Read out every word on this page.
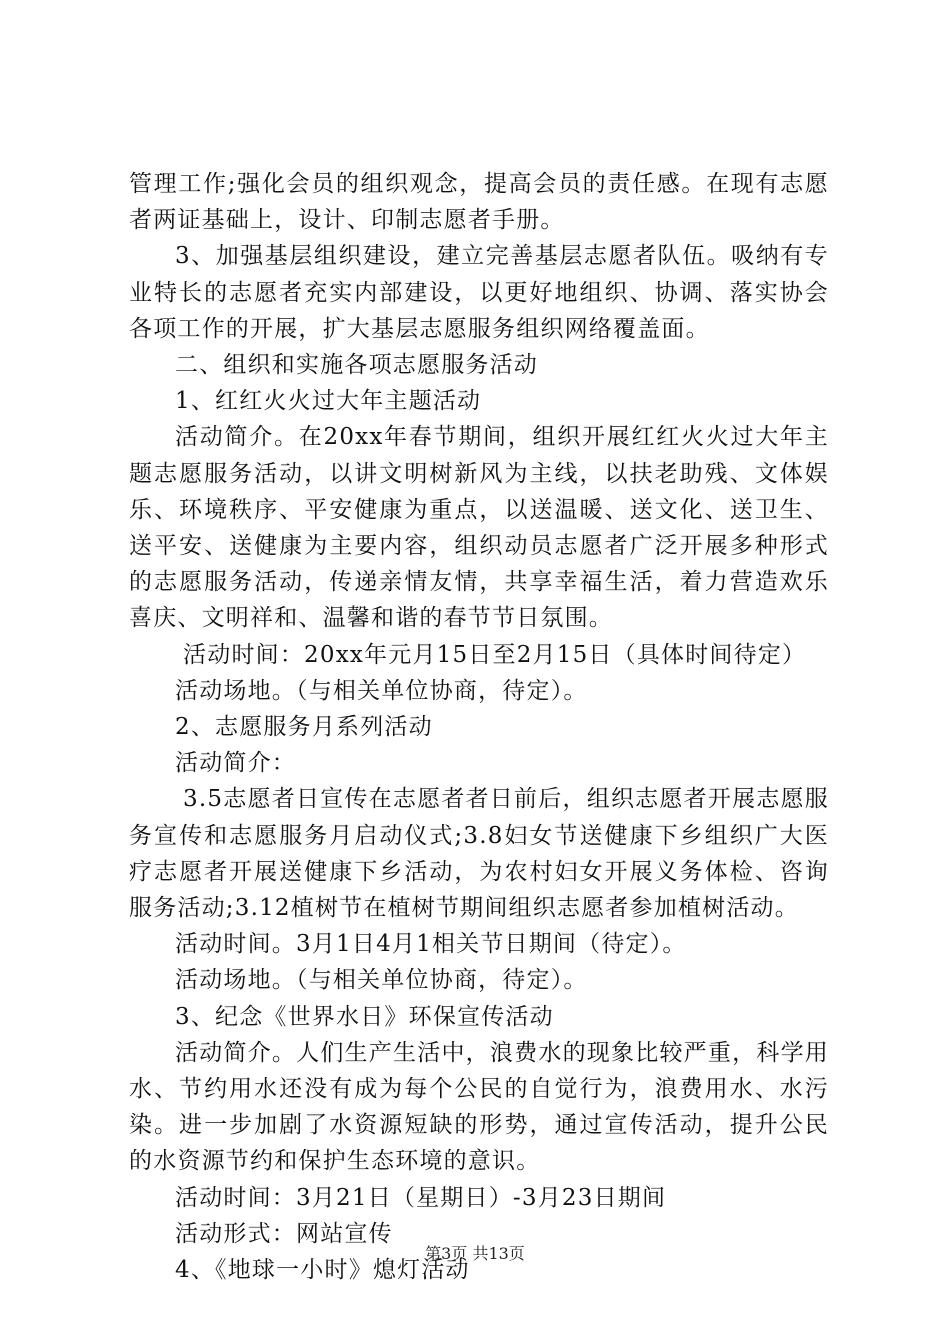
管理工作;强化会员的组织观念，提高会员的责任感。在现有志愿者两证基础上，设计、印制志愿者手册。

3、加强基层组织建设，建立完善基层志愿者队伍。吸纳有专业特长的志愿者充实内部建设，以更好地组织、协调、落实协会各项工作的开展，扩大基层志愿服务组织网络覆盖面。

二、组织和实施各项志愿服务活动

1、红红火火过大年主题活动

活动简介。在20xx年春节期间，组织开展红红火火过大年主题志愿服务活动，以讲文明树新风为主线，以扶老助残、文体娱乐、环境秩序、平安健康为重点，以送温暖、送文化、送卫生、送平安、送健康为主要内容，组织动员志愿者广泛开展多种形式的志愿服务活动，传递亲情友情，共享幸福生活，着力营造欢乐喜庆、文明祥和、温馨和谐的春节节日氛围。

活动时间：20xx年元月15日至2月15日（具体时间待定）

活动场地。（与相关单位协商，待定）。

2、志愿服务月系列活动

活动简介：

3.5志愿者日宣传在志愿者者日前后，组织志愿者开展志愿服务宣传和志愿服务月启动仪式;3.8妇女节送健康下乡组织广大医疗志愿者开展送健康下乡活动，为农村妇女开展义务体检、咨询服务活动;3.12植树节在植树节期间组织志愿者参加植树活动。

活动时间。3月1日4月1相关节日期间（待定）。

活动场地。（与相关单位协商，待定）。

3、纪念《世界水日》环保宣传活动

活动简介。人们生产生活中，浪费水的现象比较严重，科学用水、节约用水还没有成为每个公民的自觉行为，浪费用水、水污染。进一步加剧了水资源短缺的形势，通过宣传活动，提升公民的水资源节约和保护生态环境的意识。

活动时间：3月21日（星期日）-3月23日期间

活动形式：网站宣传

4、《地球一小时》熄灯活动

第3页 共13页
